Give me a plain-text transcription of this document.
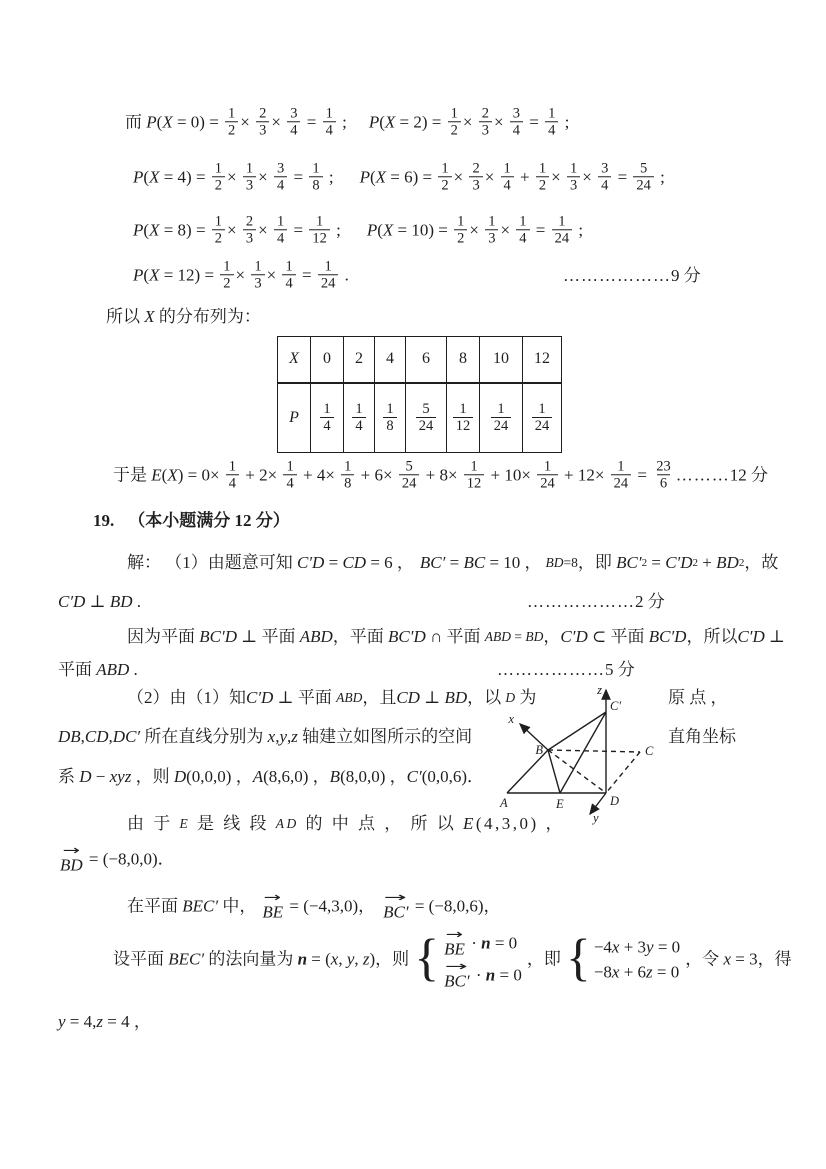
而 P ( $X = 0) = \frac{1}{2} \times \frac{2}{3} \times \frac{3}{4} = \frac{1}{4}$ ; P ( $X = 2) = \frac{1}{2} \times \frac{2}{3} \times \frac{3}{4} = \frac{1}{4}$ ;
P ( $X = 4) = \frac{1}{2} \times \frac{1}{3} \times \frac{3}{4} = \frac{1}{8}$ ; P ( $X = 6) = \frac{1}{2} \times \frac{2}{3} \times \frac{1}{4} + \frac{1}{2} \times \frac{1}{3} \times \frac{3}{4} = \frac{5}{24}$ ;
P ( $X = 8) = \frac{1}{2} \times \frac{2}{3} \times \frac{1}{4} = \frac{1}{12}$ ; P ( $X = 10) = \frac{1}{2} \times \frac{1}{3} \times \frac{1}{4} = \frac{1}{24}$ ;
P ( $X = 12) = \frac{1}{2} \times \frac{1}{3} \times \frac{1}{4} = \frac{1}{24}$ .	……………… 9 分
所以 X 的分布列为：
于是 E ( X ) = $0\times \frac{1}{4} + 2\times \frac{1}{4} + 4\times \frac{1}{8} + 6\times \frac{5}{24} + 8\times \frac{1}{12} + 10\times \frac{1}{24} + 12\times \frac{1}{24} = \frac{23}{6}$ ……… 12 分
19. （本小题满分 12 分）
解： （1）由题意可知 C′D = CD = 6 ， BC′ = BC = 10 ， BD =8 ，即 BC′ 2 = C′D 2 + BD 2 ，故
C′D ⊥ BD .	……………… 2 分
因为平面 BC′D ⊥ 平面 ABD ，平面 BC′D ∩ 平面 ABD = BD ， C′D ⊂ 平面 BC′D ，所以 C′D ⊥
平面 ABD .	……………… 5 分
（2）由（1）知 C′D ⊥ 平面 ABD ，且 CD ⊥ BD ，以 D 为	原 点 ，
DB , CD , DC′ 所在直线分别为 x , y , z 轴建立如图所示的空间	直角坐标
系 D − xyz ，则 D (0,0,0) ， A (8,6,0) ， B (8,0,0) ， C′ (0,0,6)．
由 于 E 是 线 段 AD 的 中 点 ， 所 以 E (4,3,0) ，
→
BD = (−8,0,0)．
在平面 BEC′ 中， →
BE = (−4,3,0)， →
BC′ = (−8,0,6)，
设平面 BEC′ 的法向量为 n = ( x , y , z )，则 { →
BE · n = 0
→
BC′ · n = 0
，即 { −4 x + 3 y = 0
−8 x + 6 z = 0
，令 x = 3，得
y = 4, z = 4 ，
X	0	2	4	6	8	10	12
P	$\frac{1}{4}$	$\frac{1}{4}$	$\frac{1}{8}$	$\frac{5}{24}$	$\frac{1}{12}$	$\frac{1}{24}$	$\frac{1}{24}$
z
C′
x
B	C
A	E	D
y
